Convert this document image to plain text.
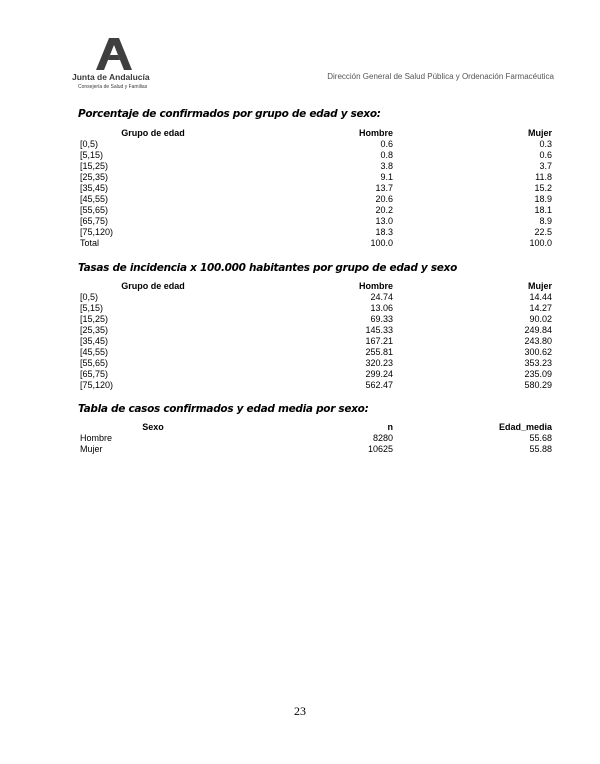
Junta de Andalucía
Consejería de Salud y Familias
Dirección General de Salud Pública y Ordenación Farmacéutica
Porcentaje de confirmados por grupo de edad y sexo:
Grupo de edad	Hombre	Mujer
[0,5)	0.6	0.3
[5,15)	0.8	0.6
[15,25)	3.8	3.7
[25,35)	9.1	11.8
[35,45)	13.7	15.2
[45,55)	20.6	18.9
[55,65)	20.2	18.1
[65,75)	13.0	8.9
[75,120)	18.3	22.5
Total	100.0	100.0
Tasas de incidencia x 100.000 habitantes por grupo de edad y sexo
Grupo de edad	Hombre	Mujer
[0,5)	24.74	14.44
[5,15)	13.06	14.27
[15,25)	69.33	90.02
[25,35)	145.33	249.84
[35,45)	167.21	243.80
[45,55)	255.81	300.62
[55,65)	320.23	353.23
[65,75)	299.24	235.09
[75,120)	562.47	580.29
Tabla de casos confirmados y edad media por sexo:
Sexo	n	Edad_media
Hombre	8280	55.68
Mujer	10625	55.88
23
